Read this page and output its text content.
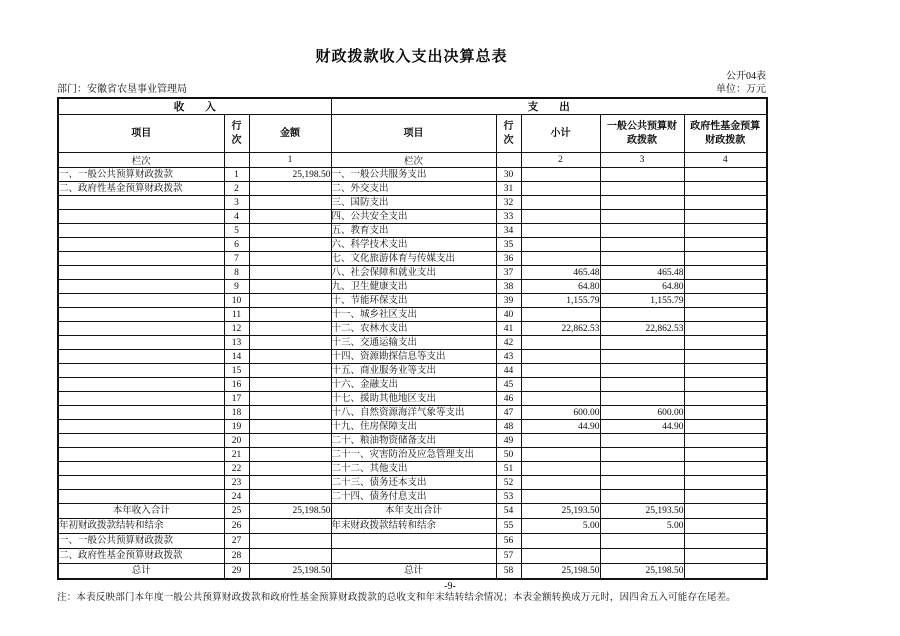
财政拨款收入支出决算总表
公开04表
部门：安徽省农垦事业管理局	单位：万元
收　　入			支　　出				
项目	行次	金额	项目	行次	小计	一般公共预算财政拨款	政府性基金预算财政拨款
栏次		1	栏次		2	3	4
一、一般公共预算财政拨款	1	25,198.50	一、一般公共服务支出	30			
二、政府性基金预算财政拨款	2		二、外交支出	31			
	3		三、国防支出	32			
	4		四、公共安全支出	33			
	5		五、教育支出	34			
	6		六、科学技术支出	35			
	7		七、文化旅游体育与传媒支出	36			
	8		八、社会保障和就业支出	37	465.48	465.48	
	9		九、卫生健康支出	38	64.80	64.80	
	10		十、节能环保支出	39	1,155.79	1,155.79	
	11		十一、城乡社区支出	40			
	12		十二、农林水支出	41	22,862.53	22,862.53	
	13		十三、交通运输支出	42			
	14		十四、资源勘探信息等支出	43			
	15		十五、商业服务业等支出	44			
	16		十六、金融支出	45			
	17		十七、援助其他地区支出	46			
	18		十八、自然资源海洋气象等支出	47	600.00	600.00	
	19		十九、住房保障支出	48	44.90	44.90	
	20		二十、粮油物资储备支出	49			
	21		二十一、灾害防治及应急管理支出	50			
	22		二十二、其他支出	51			
	23		二十三、债务还本支出	52			
	24		二十四、债务付息支出	53			
本年收入合计	25	25,198.50	本年支出合计	54	25,193.50	25,193.50	
年初财政拨款结转和结余	26		年末财政拨款结转和结余	55	5.00	5.00	
一、一般公共预算财政拨款	27			56			
二、政府性基金预算财政拨款	28			57			
总计	29	25,198.50	总计	58	25,198.50	25,198.50	
注：本表反映部门本年度一般公共预算财政拨款和政府性基金预算财政拨款的总收支和年末结转结余情况；本表金额转换成万元时，因四舍五入可能存在尾差。
-9-
